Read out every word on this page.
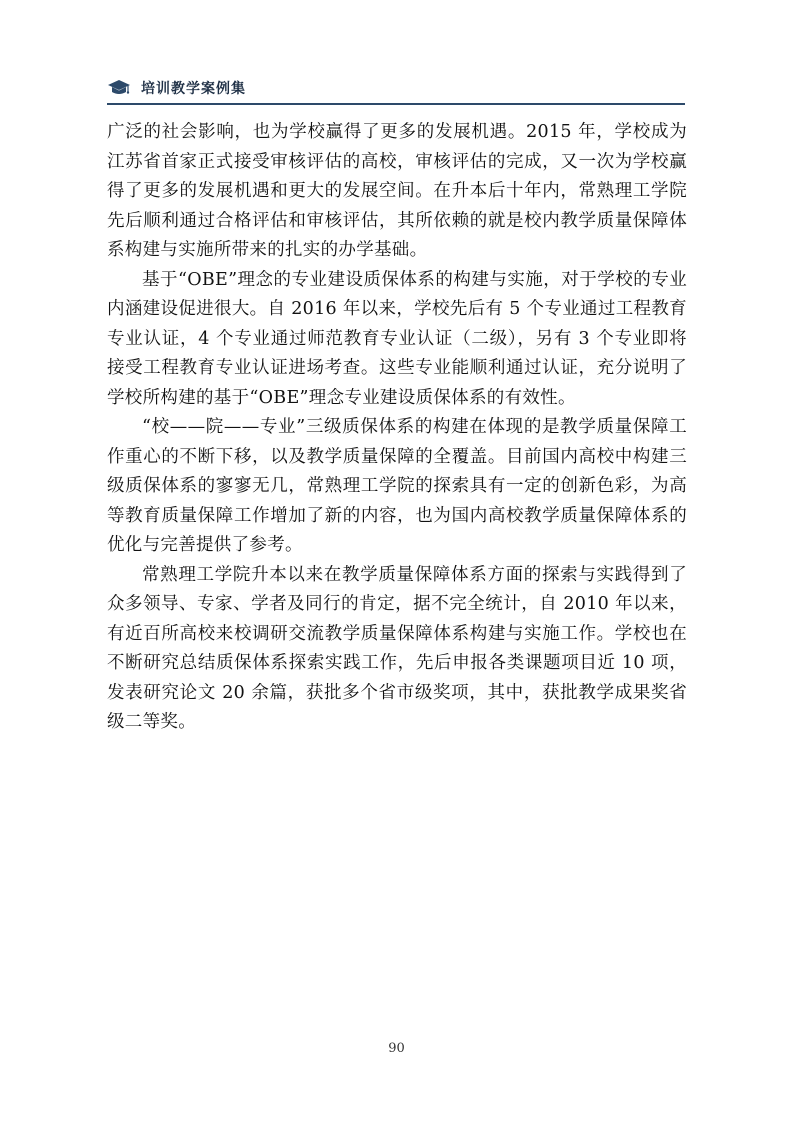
培训教学案例集

广泛的社会影响，也为学校赢得了更多的发展机遇。2015 年，学校成为江苏省首家正式接受审核评估的高校，审核评估的完成，又一次为学校赢得了更多的发展机遇和更大的发展空间。在升本后十年内，常熟理工学院先后顺利通过合格评估和审核评估，其所依赖的就是校内教学质量保障体系构建与实施所带来的扎实的办学基础。

基于“OBE”理念的专业建设质保体系的构建与实施，对于学校的专业内涵建设促进很大。自 2016 年以来，学校先后有 5 个专业通过工程教育专业认证，4 个专业通过师范教育专业认证（二级），另有 3 个专业即将接受工程教育专业认证进场考查。这些专业能顺利通过认证，充分说明了学校所构建的基于“OBE”理念专业建设质保体系的有效性。

“校——院——专业”三级质保体系的构建在体现的是教学质量保障工作重心的不断下移，以及教学质量保障的全覆盖。目前国内高校中构建三级质保体系的寥寥无几，常熟理工学院的探索具有一定的创新色彩，为高等教育质量保障工作增加了新的内容，也为国内高校教学质量保障体系的优化与完善提供了参考。

常熟理工学院升本以来在教学质量保障体系方面的探索与实践得到了众多领导、专家、学者及同行的肯定，据不完全统计，自 2010 年以来，有近百所高校来校调研交流教学质量保障体系构建与实施工作。学校也在不断研究总结质保体系探索实践工作，先后申报各类课题项目近 10 项，发表研究论文 20 余篇，获批多个省市级奖项，其中，获批教学成果奖省级二等奖。

90
